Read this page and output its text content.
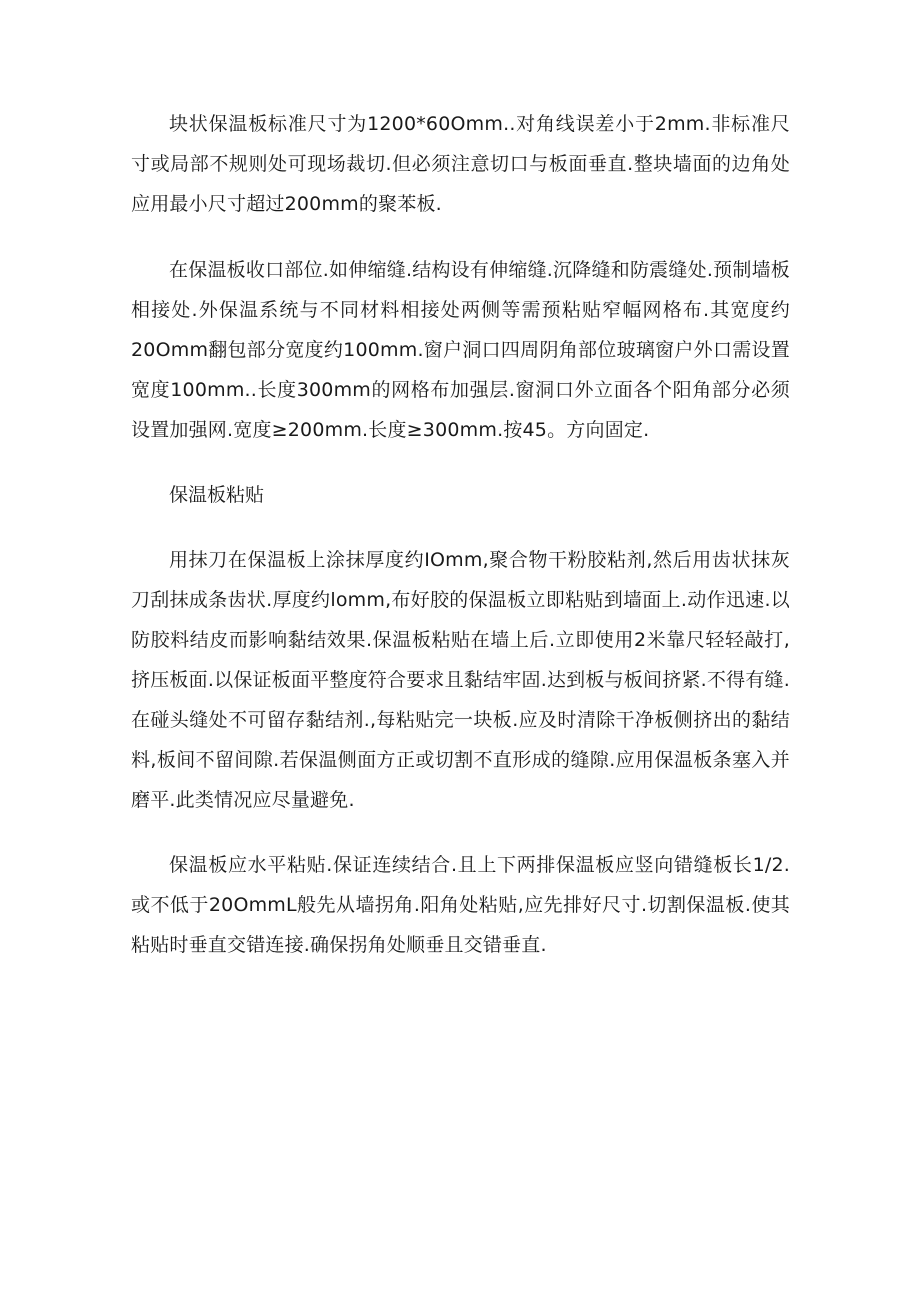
块状保温板标准尺寸为1200*60Omm..对角线误差小于2mm.非标准尺寸或局部不规则处可现场裁切.但必须注意切口与板面垂直.整块墙面的边角处应用最小尺寸超过200mm的聚苯板.

在保温板收口部位.如伸缩缝.结构设有伸缩缝.沉降缝和防震缝处.预制墙板相接处.外保温系统与不同材料相接处两侧等需预粘贴窄幅网格布.其宽度约20Omm翻包部分宽度约100mm.窗户洞口四周阴角部位玻璃窗户外口需设置宽度100mm..长度300mm的网格布加强层.窗洞口外立面各个阳角部分必须设置加强网.宽度≥200mm.长度≥300mm.按45。方向固定.

保温板粘贴

用抹刀在保温板上涂抹厚度约IOmm,聚合物干粉胶粘剂,然后用齿状抹灰刀刮抹成条齿状.厚度约lomm,布好胶的保温板立即粘贴到墙面上.动作迅速.以防胶料结皮而影响黏结效果.保温板粘贴在墙上后.立即使用2米靠尺轻轻敲打,挤压板面.以保证板面平整度符合要求且黏结牢固.达到板与板间挤紧.不得有缝.在碰头缝处不可留存黏结剂.,每粘贴完一块板.应及时清除干净板侧挤出的黏结料,板间不留间隙.若保温侧面方正或切割不直形成的缝隙.应用保温板条塞入并磨平.此类情况应尽量避免.

保温板应水平粘贴.保证连续结合.且上下两排保温板应竖向错缝板长1/2.或不低于20OmmL般先从墙拐角.阳角处粘贴,应先排好尺寸.切割保温板.使其粘贴时垂直交错连接.确保拐角处顺垂且交错垂直.
